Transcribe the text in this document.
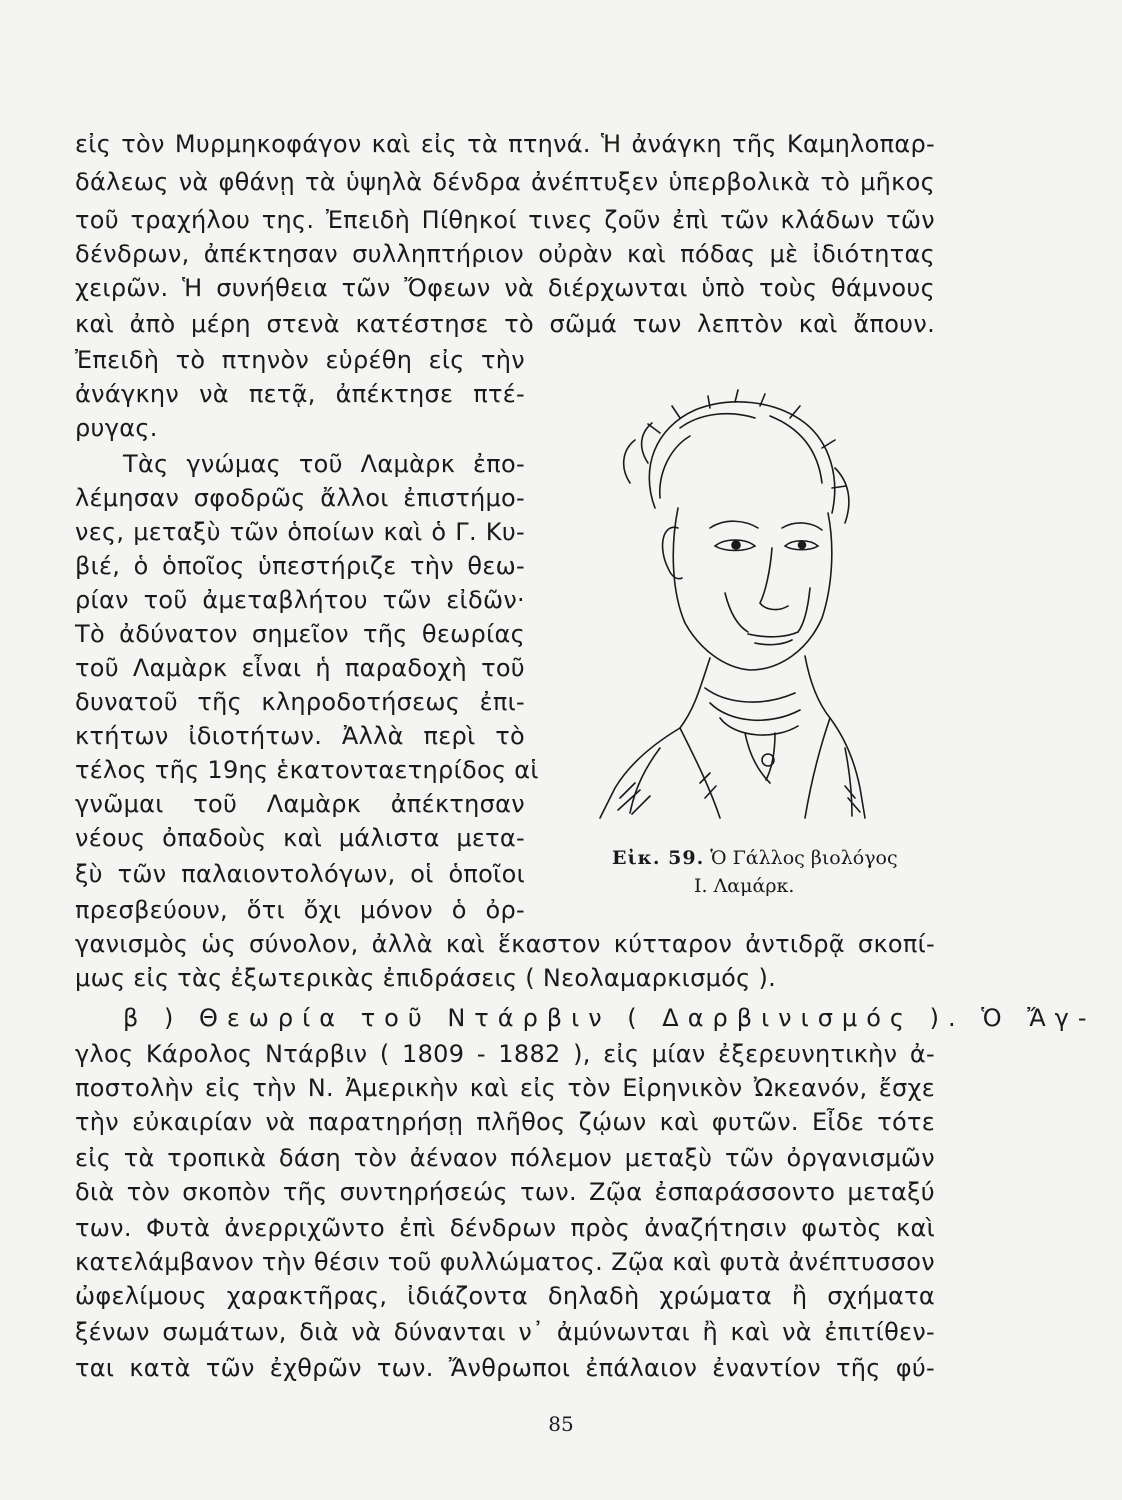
εἰς τὸν Μυρμηκοφάγον καὶ εἰς τὰ πτηνά. Ἡ ἀνάγκη τῆς Καμηλοπαρ-
δάλεως νὰ φθάνῃ τὰ ὑψηλὰ δένδρα ἀνέπτυξεν ὑπερβολικὰ τὸ μῆκος
τοῦ τραχήλου της. Ἐπειδὴ Πίθηκοί τινες ζοῦν ἐπὶ τῶν κλάδων τῶν
δένδρων, ἀπέκτησαν συλληπτήριον οὐρὰν καὶ πόδας μὲ ἰδιότητας
χειρῶν. Ἡ συνήθεια τῶν Ὄφεων νὰ διέρχωνται ὑπὸ τοὺς θάμνους
καὶ ἀπὸ μέρη στενὰ κατέστησε τὸ σῶμά των λεπτὸν καὶ ἄπουν.
Ἐπειδὴ τὸ πτηνὸν εὑρέθη εἰς τὴν
ἀνάγκην νὰ πετᾷ, ἀπέκτησε πτέ-
ρυγας.
Τὰς γνώμας τοῦ Λαμὰρκ ἐπο-
λέμησαν σφοδρῶς ἄλλοι ἐπιστήμο-
νες, μεταξὺ τῶν ὁποίων καὶ ὁ Γ. Κυ-
βιέ, ὁ ὁποῖος ὑπεστήριζε τὴν θεω-
ρίαν τοῦ ἀμεταβλήτου τῶν εἰδῶν·
Τὸ ἀδύνατον σημεῖον τῆς θεωρίας
τοῦ Λαμὰρκ εἶναι ἡ παραδοχὴ τοῦ
δυνατοῦ τῆς κληροδοτήσεως ἐπι-
κτήτων ἰδιοτήτων. Ἀλλὰ περὶ τὸ
τέλος τῆς 19ης ἑκατονταετηρίδος αἱ
γνῶμαι τοῦ Λαμὰρκ ἀπέκτησαν
νέους ὀπαδοὺς καὶ μάλιστα μετα-
ξὺ τῶν παλαιοντολόγων, οἱ ὁποῖοι
πρεσβεύουν, ὅτι ὄχι μόνον ὁ ὀρ-
γανισμὸς ὡς σύνολον, ἀλλὰ καὶ ἕκαστον κύτταρον ἀντιδρᾷ σκοπί-
μως εἰς τὰς ἐξωτερικὰς ἐπιδράσεις ( Νεολαμαρκισμός ).
β ) Θεωρία τοῦ Ντάρβιν ( Δαρβινισμός ). Ὁ Ἄγ-
γλος Κάρολος Ντάρβιν ( 1809 - 1882 ), εἰς μίαν ἐξερευνητικὴν ἀ-
ποστολὴν εἰς τὴν Ν. Ἀμερικὴν καὶ εἰς τὸν Εἰρηνικὸν Ὠκεανόν, ἔσχε
τὴν εὐκαιρίαν νὰ παρατηρήσῃ πλῆθος ζῴων καὶ φυτῶν. Εἶδε τότε
εἰς τὰ τροπικὰ δάση τὸν ἀέναον πόλεμον μεταξὺ τῶν ὀργανισμῶν
διὰ τὸν σκοπὸν τῆς συντηρήσεώς των. Ζῷα ἐσπαράσσοντο μεταξύ
των. Φυτὰ ἀνερριχῶντο ἐπὶ δένδρων πρὸς ἀναζήτησιν φωτὸς καὶ
κατελάμβανον τὴν θέσιν τοῦ φυλλώματος. Ζῷα καὶ φυτὰ ἀνέπτυσσον
ὠφελίμους χαρακτῆρας, ἰδιάζοντα δηλαδὴ χρώματα ἢ σχήματα
ξένων σωμάτων, διὰ νὰ δύνανται ν᾽ ἀμύνωνται ἢ καὶ νὰ ἐπιτίθεν-
ται κατὰ τῶν ἐχθρῶν των. Ἄνθρωποι ἐπάλαιον ἐναντίον τῆς φύ-
Εἰκ. 59. Ὁ Γάλλος βιολόγος
Ι. Λαμάρκ.
85
